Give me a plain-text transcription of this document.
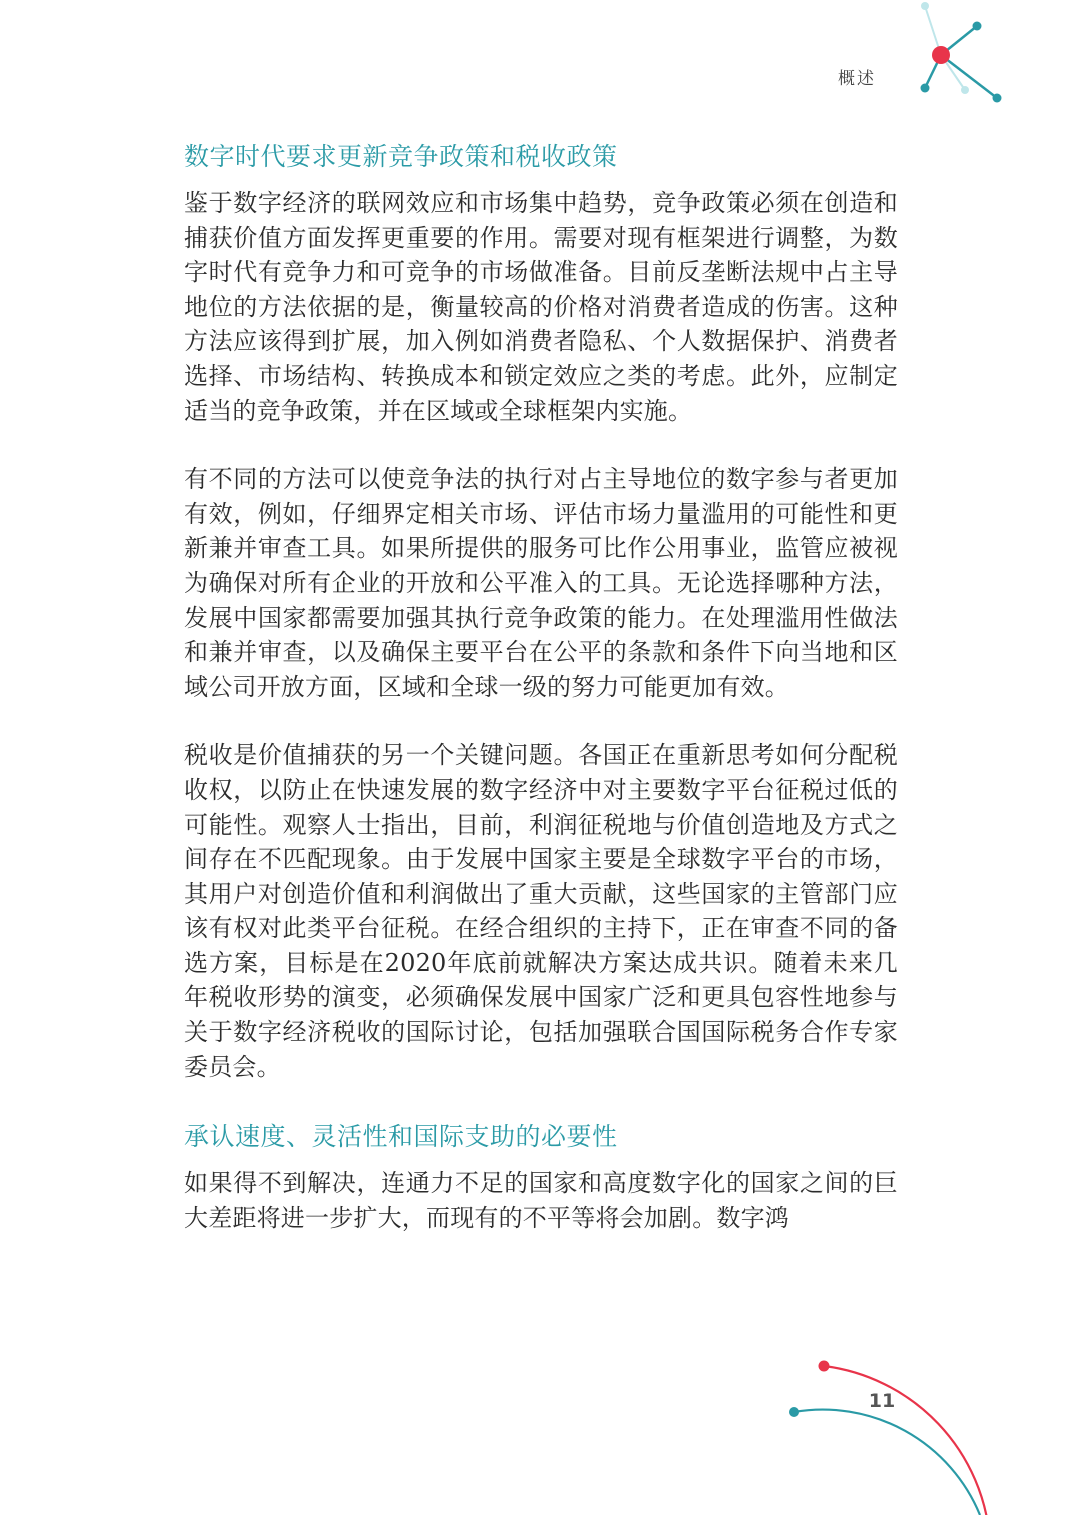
概述
数字时代要求更新竞争政策和税收政策

鉴于数字经济的联网效应和市场集中趋势，竞争政策必须在创造和捕获价值方面发挥更重要的作用。需要对现有框架进行调整，为数字时代有竞争力和可竞争的市场做准备。目前反垄断法规中占主导地位的方法依据的是，衡量较高的价格对消费者造成的伤害。这种方法应该得到扩展，加入例如消费者隐私、个人数据保护、消费者选择、市场结构、转换成本和锁定效应之类的考虑。此外，应制定适当的竞争政策，并在区域或全球框架内实施。

有不同的方法可以使竞争法的执行对占主导地位的数字参与者更加有效，例如，仔细界定相关市场、评估市场力量滥用的可能性和更新兼并审查工具。如果所提供的服务可比作公用事业，监管应被视为确保对所有企业的开放和公平准入的工具。无论选择哪种方法，发展中国家都需要加强其执行竞争政策的能力。在处理滥用性做法和兼并审查，以及确保主要平台在公平的条款和条件下向当地和区域公司开放方面，区域和全球一级的努力可能更加有效。

税收是价值捕获的另一个关键问题。各国正在重新思考如何分配税收权，以防止在快速发展的数字经济中对主要数字平台征税过低的可能性。观察人士指出，目前，利润征税地与价值创造地及方式之间存在不匹配现象。由于发展中国家主要是全球数字平台的市场，其用户对创造价值和利润做出了重大贡献，这些国家的主管部门应该有权对此类平台征税。在经合组织的主持下，正在审查不同的备选方案，目标是在2020年底前就解决方案达成共识。随着未来几年税收形势的演变，必须确保发展中国家广泛和更具包容性地参与关于数字经济税收的国际讨论，包括加强联合国国际税务合作专家委员会。

承认速度、灵活性和国际支助的必要性

如果得不到解决，连通力不足的国家和高度数字化的国家之间的巨大差距将进一步扩大，而现有的不平等将会加剧。数字鸿

11
